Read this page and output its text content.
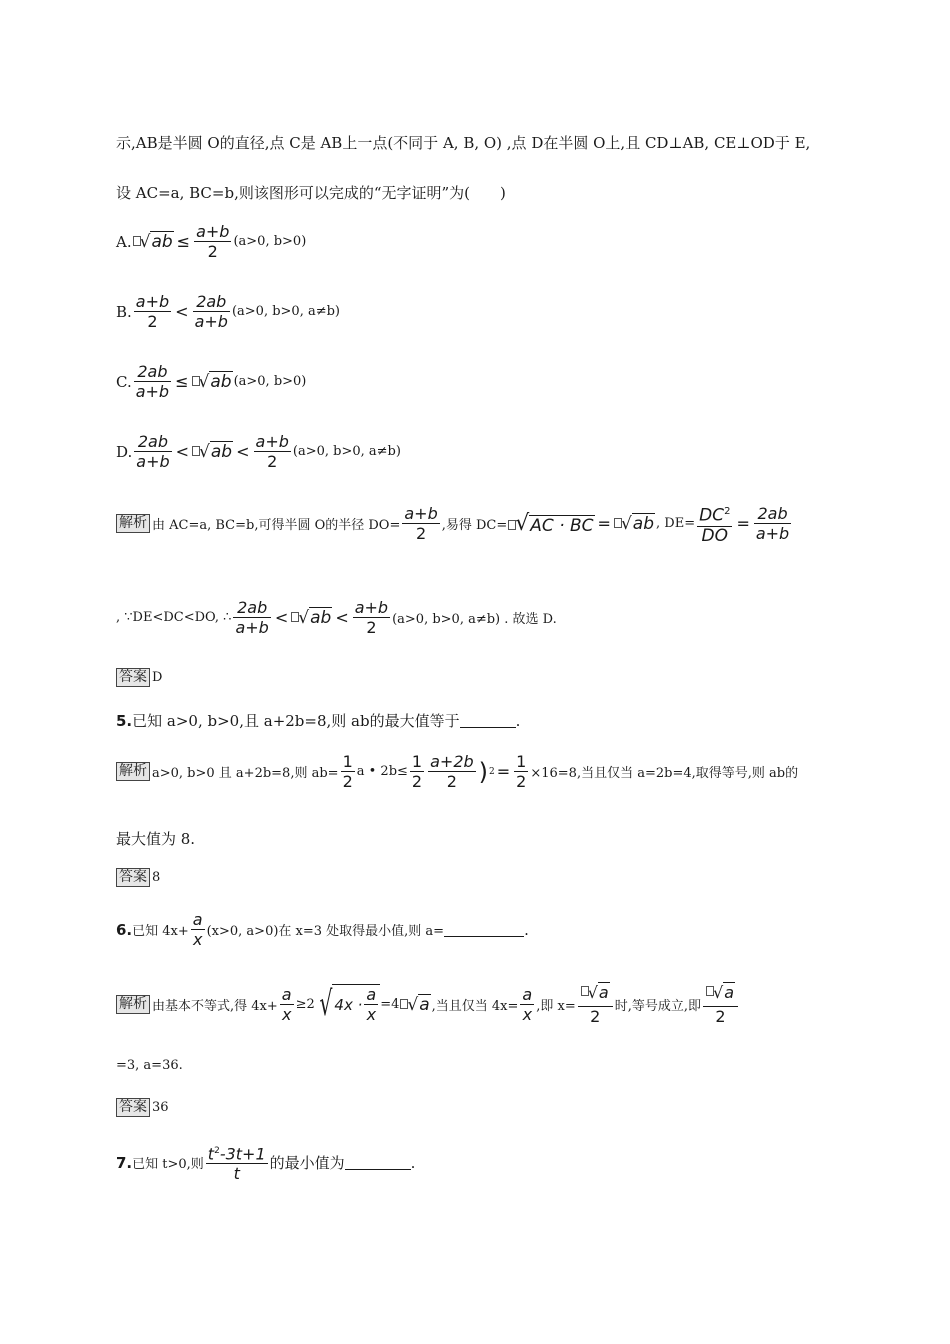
示,AB是半圆 O的直径,点 C是 AB上一点(不同于 A, B, O) ,点 D在半圆 O上,且 CD⊥AB, CE⊥OD于 E,
设 AC=a, BC=b,则该图形可以完成的“无字证明”为(　　)
A. √ ab ≤ $\frac{a+b}{2} (a>0$, b>0)
B. $\frac{a+b}{2} < \frac{2ab}{a+b} (a>0$, b>0, a≠b)
C. $\frac{2ab}{a+b}$ ≤ √ ab (a>0, b>0)
D. $\frac{2ab}{a+b}$ < √ ab < $\frac{a+b}{2} (a>0$, b>0, a≠b)
解析 由 AC=a, BC=b,可得半圆 O的半径 $DO= \frac{a+b}{2}$ ,易得 DC= √ AC · BC = √ ab , $DE= \frac{DC^2}{DO} = \frac{2ab}{a+b}$
, ∵DE<DC<DO, ∴ $\frac{2ab}{a+b}$ < √ ab < $\frac{a+b}{2} (a>0$, b>0, a≠b) . 故选 D.
答案 D
5. 已知 a>0, b>0,且 a+2b=8,则 ab的最大值等于	.
解析 a>0, b>0 且 a+2b=8,则 $ab= \frac{1}{2}$ a • $2b\le \frac{1}{2} \frac{a+2b}{2}$ ) $2 = \frac{1}{2} \times 16=8$,当且仅当 a=2b=4,取得等号,则 ab的
最大值为 8.
答案 8
6. 已知 $4x+ \frac{a}{x} (x>0$, a>0)在 x=3 处取得最小值,则 a=	.
解析 由基本不等式,得 $4x+ \frac{a}{x} \ge 2$ √ $4x \cdot \frac{a}{x} =4$ √ a ,当且仅当 $4x= \frac{a}{x}$ ,即 $x= \frac{√ a}{2}$ 时,等号成立,即 $\frac{√ a}{2}$
=3, a=36.
答案 36
7. 已知 t>0,则 $\frac{t^2-3t+1}{t}$ 的最小值为	.
